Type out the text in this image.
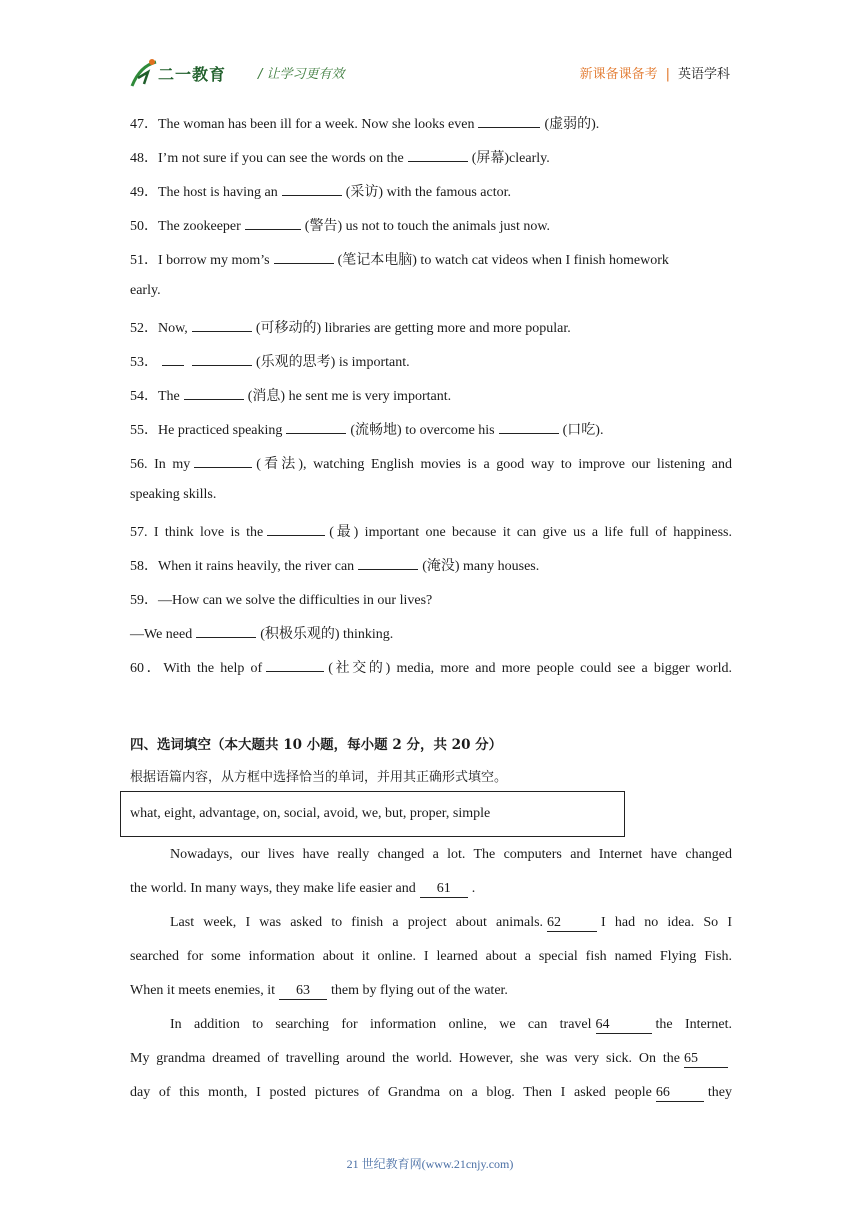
二一教育 / 让学习更有效	新课备课备考 | 英语学科
47．The woman has been ill for a week. Now she looks even	(虚弱的).
48．I’m not sure if you can see the words on the	(屏幕)clearly.
49．The host is having an	(采访) with the famous actor.
50．The zookeeper	(警告) us not to touch the animals just now.
51．I borrow my mom’s	(笔记本电脑) to watch cat videos when I finish homework
early.
52．Now,	(可移动的) libraries are getting more and more popular.
53．	(乐观的思考) is important.
54．The	(消息) he sent me is very important.
55．He practiced speaking	(流畅地) to overcome his	(口吃).
56. In my	(看法), watching English movies is a good way to improve our listening and
speaking skills.
57. I think love is the	(最) important one because it can give us a life full of happiness.
58．When it rains heavily, the river can	(淹没) many houses.
59．—How can we solve the difficulties in our lives?
—We need	(积极乐观的) thinking.
60．With the help of	(社交的) media, more and more people could see a bigger world.
四、选词填空（本大题共 10 小题，每小题 2 分，共 20 分）
根据语篇内容，从方框中选择恰当的单词，并用其正确形式填空。
what, eight, advantage, on, social, avoid, we, but, proper, simple
Nowadays, our lives have really changed a lot. The computers and Internet have changed
the world. In many ways, they make life easier and 61 .
Last week, I was asked to finish a project about animals. 62	I had no idea. So I
searched for some information about it online. I learned about a special fish named Flying Fish.
When it meets enemies, it 63 them by flying out of the water.
In addition to searching for information online, we can travel 64	the Internet.
My grandma dreamed of travelling around the world. However, she was very sick. On the 65
day of this month, I posted pictures of Grandma on a blog. Then I asked people 66	they
21 世纪教育网(www.21cnjy.com)
